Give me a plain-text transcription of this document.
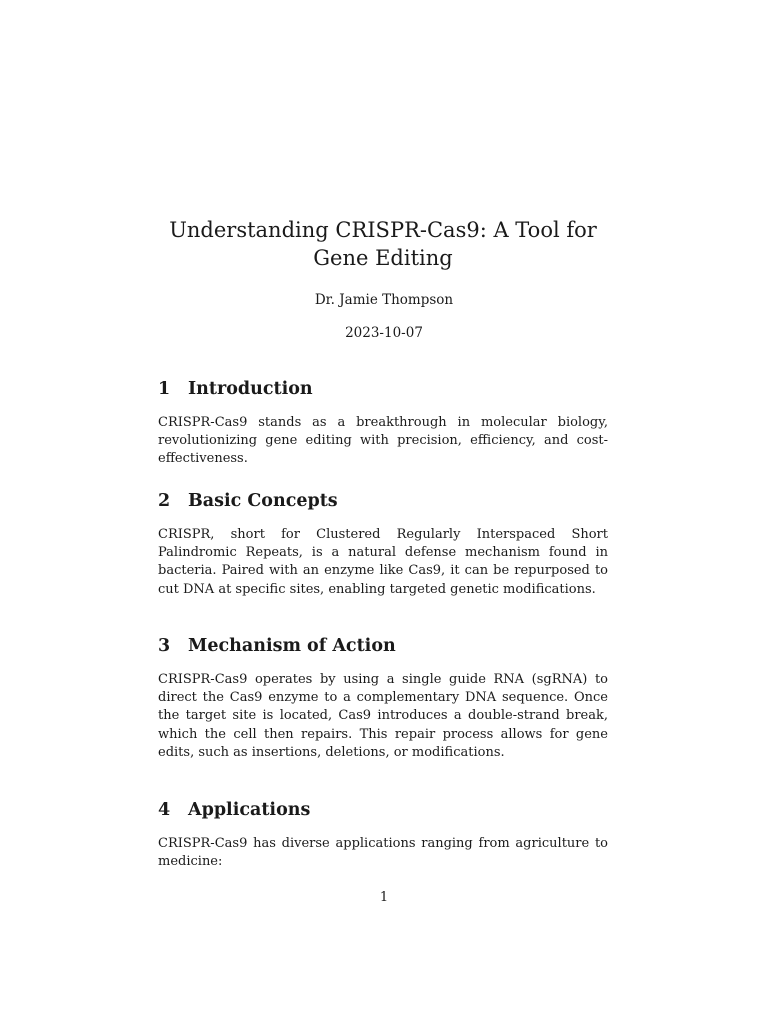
Understanding CRISPR-Cas9: A Tool for Gene Editing

Dr. Jamie Thompson

2023-10-07

1 Introduction

CRISPR-Cas9 stands as a breakthrough in molecular biology, revolutionizing gene editing with precision, efficiency, and cost-effectiveness.

2 Basic Concepts

CRISPR, short for Clustered Regularly Interspaced Short Palindromic Repeats, is a natural defense mechanism found in bacteria. Paired with an enzyme like Cas9, it can be repurposed to cut DNA at specific sites, enabling targeted genetic modifications.

3 Mechanism of Action

CRISPR-Cas9 operates by using a single guide RNA (sgRNA) to direct the Cas9 enzyme to a complementary DNA sequence. Once the target site is located, Cas9 introduces a double-strand break, which the cell then repairs. This repair process allows for gene edits, such as insertions, deletions, or modifications.

4 Applications

CRISPR-Cas9 has diverse applications ranging from agriculture to medicine:

1
